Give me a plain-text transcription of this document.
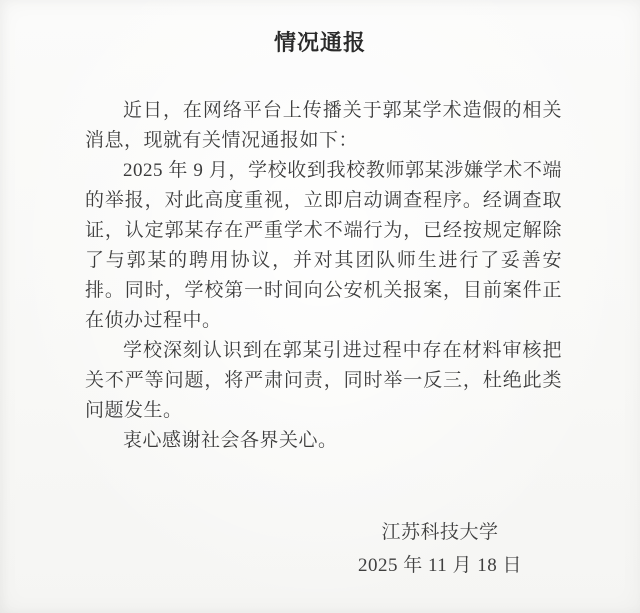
情况通报

近日，在网络平台上传播关于郭某学术造假的相关消息，现就有关情况通报如下：

2025 年 9 月，学校收到我校教师郭某涉嫌学术不端的举报，对此高度重视，立即启动调查程序。经调查取证，认定郭某存在严重学术不端行为，已经按规定解除了与郭某的聘用协议，并对其团队师生进行了妥善安排。同时，学校第一时间向公安机关报案，目前案件正在侦办过程中。

学校深刻认识到在郭某引进过程中存在材料审核把关不严等问题，将严肃问责，同时举一反三，杜绝此类问题发生。

衷心感谢社会各界关心。

江苏科技大学
2025 年 11 月 18 日
